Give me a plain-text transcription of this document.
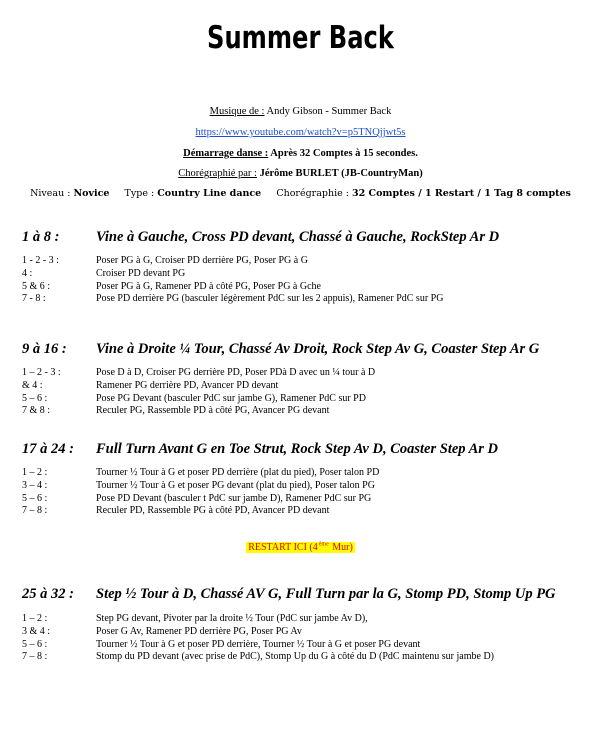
Summer Back
Musique de : Andy Gibson - Summer Back
https://www.youtube.com/watch?v=p5TNQjjwt5s
Démarrage danse : Après 32 Comptes à 15 secondes.
Chorégraphié par : Jérôme BURLET (JB-CountryMan)
Niveau : Novice Type : Country Line dance Chorégraphie : 32 Comptes / 1 Restart / 1 Tag 8 comptes
1 à 8 :	Vine à Gauche, Cross PD devant, Chassé à Gauche, RockStep Ar D
1 - 2 - 3 :	Poser PG à G, Croiser PD derrière PG, Poser PG à G
4 :	Croiser PD devant PG
5 & 6 :	Poser PG à G, Ramener PD à côté PG, Poser PG à Gche
7 - 8 :	Pose PD derrière PG (basculer légèrement PdC sur les 2 appuis), Ramener PdC sur PG
9 à 16 : Vine à Droite ¼ Tour, Chassé Av Droit, Rock Step Av G, Coaster Step Ar G
1 – 2 - 3 :	Pose D à D, Croiser PG derrière PD, Poser PDà D avec un ¼ tour à D
& 4 :	Ramener PG derrière PD, Avancer PD devant
5 – 6 :	Pose PG Devant (basculer PdC sur jambe G), Ramener PdC sur PD
7 & 8 :	Reculer PG, Rassemble PD à côté PG, Avancer PG devant
17 à 24 : Full Turn Avant G en Toe Strut, Rock Step Av D, Coaster Step Ar D
1 – 2 :	Tourner ½ Tour à G et poser PD derrière (plat du pied), Poser talon PD
3 – 4 :	Tourner ½ Tour à G et poser PG devant (plat du pied), Poser talon PG
5 – 6 :	Pose PD Devant (basculer t PdC sur jambe D), Ramener PdC sur PG
7 – 8 :	Reculer PD, Rassemble PG à côté PD, Avancer PD devant
RESTART ICI (4ème Mur)
25 à 32 : Step ½ Tour à D, Chassé AV G, Full Turn par la G, Stomp PD, Stomp Up PG
1 – 2 :	Step PG devant, Pivoter par la droite ½ Tour (PdC sur jambe Av D),
3 & 4 :	Poser G Av, Ramener PD derrière PG, Poser PG Av
5 – 6 :	Tourner ½ Tour à G et poser PD derrière, Tourner ½ Tour à G et poser PG devant
7 – 8 :	Stomp du PD devant (avec prise de PdC), Stomp Up du G à côté du D (PdC maintenu sur jambe D)
